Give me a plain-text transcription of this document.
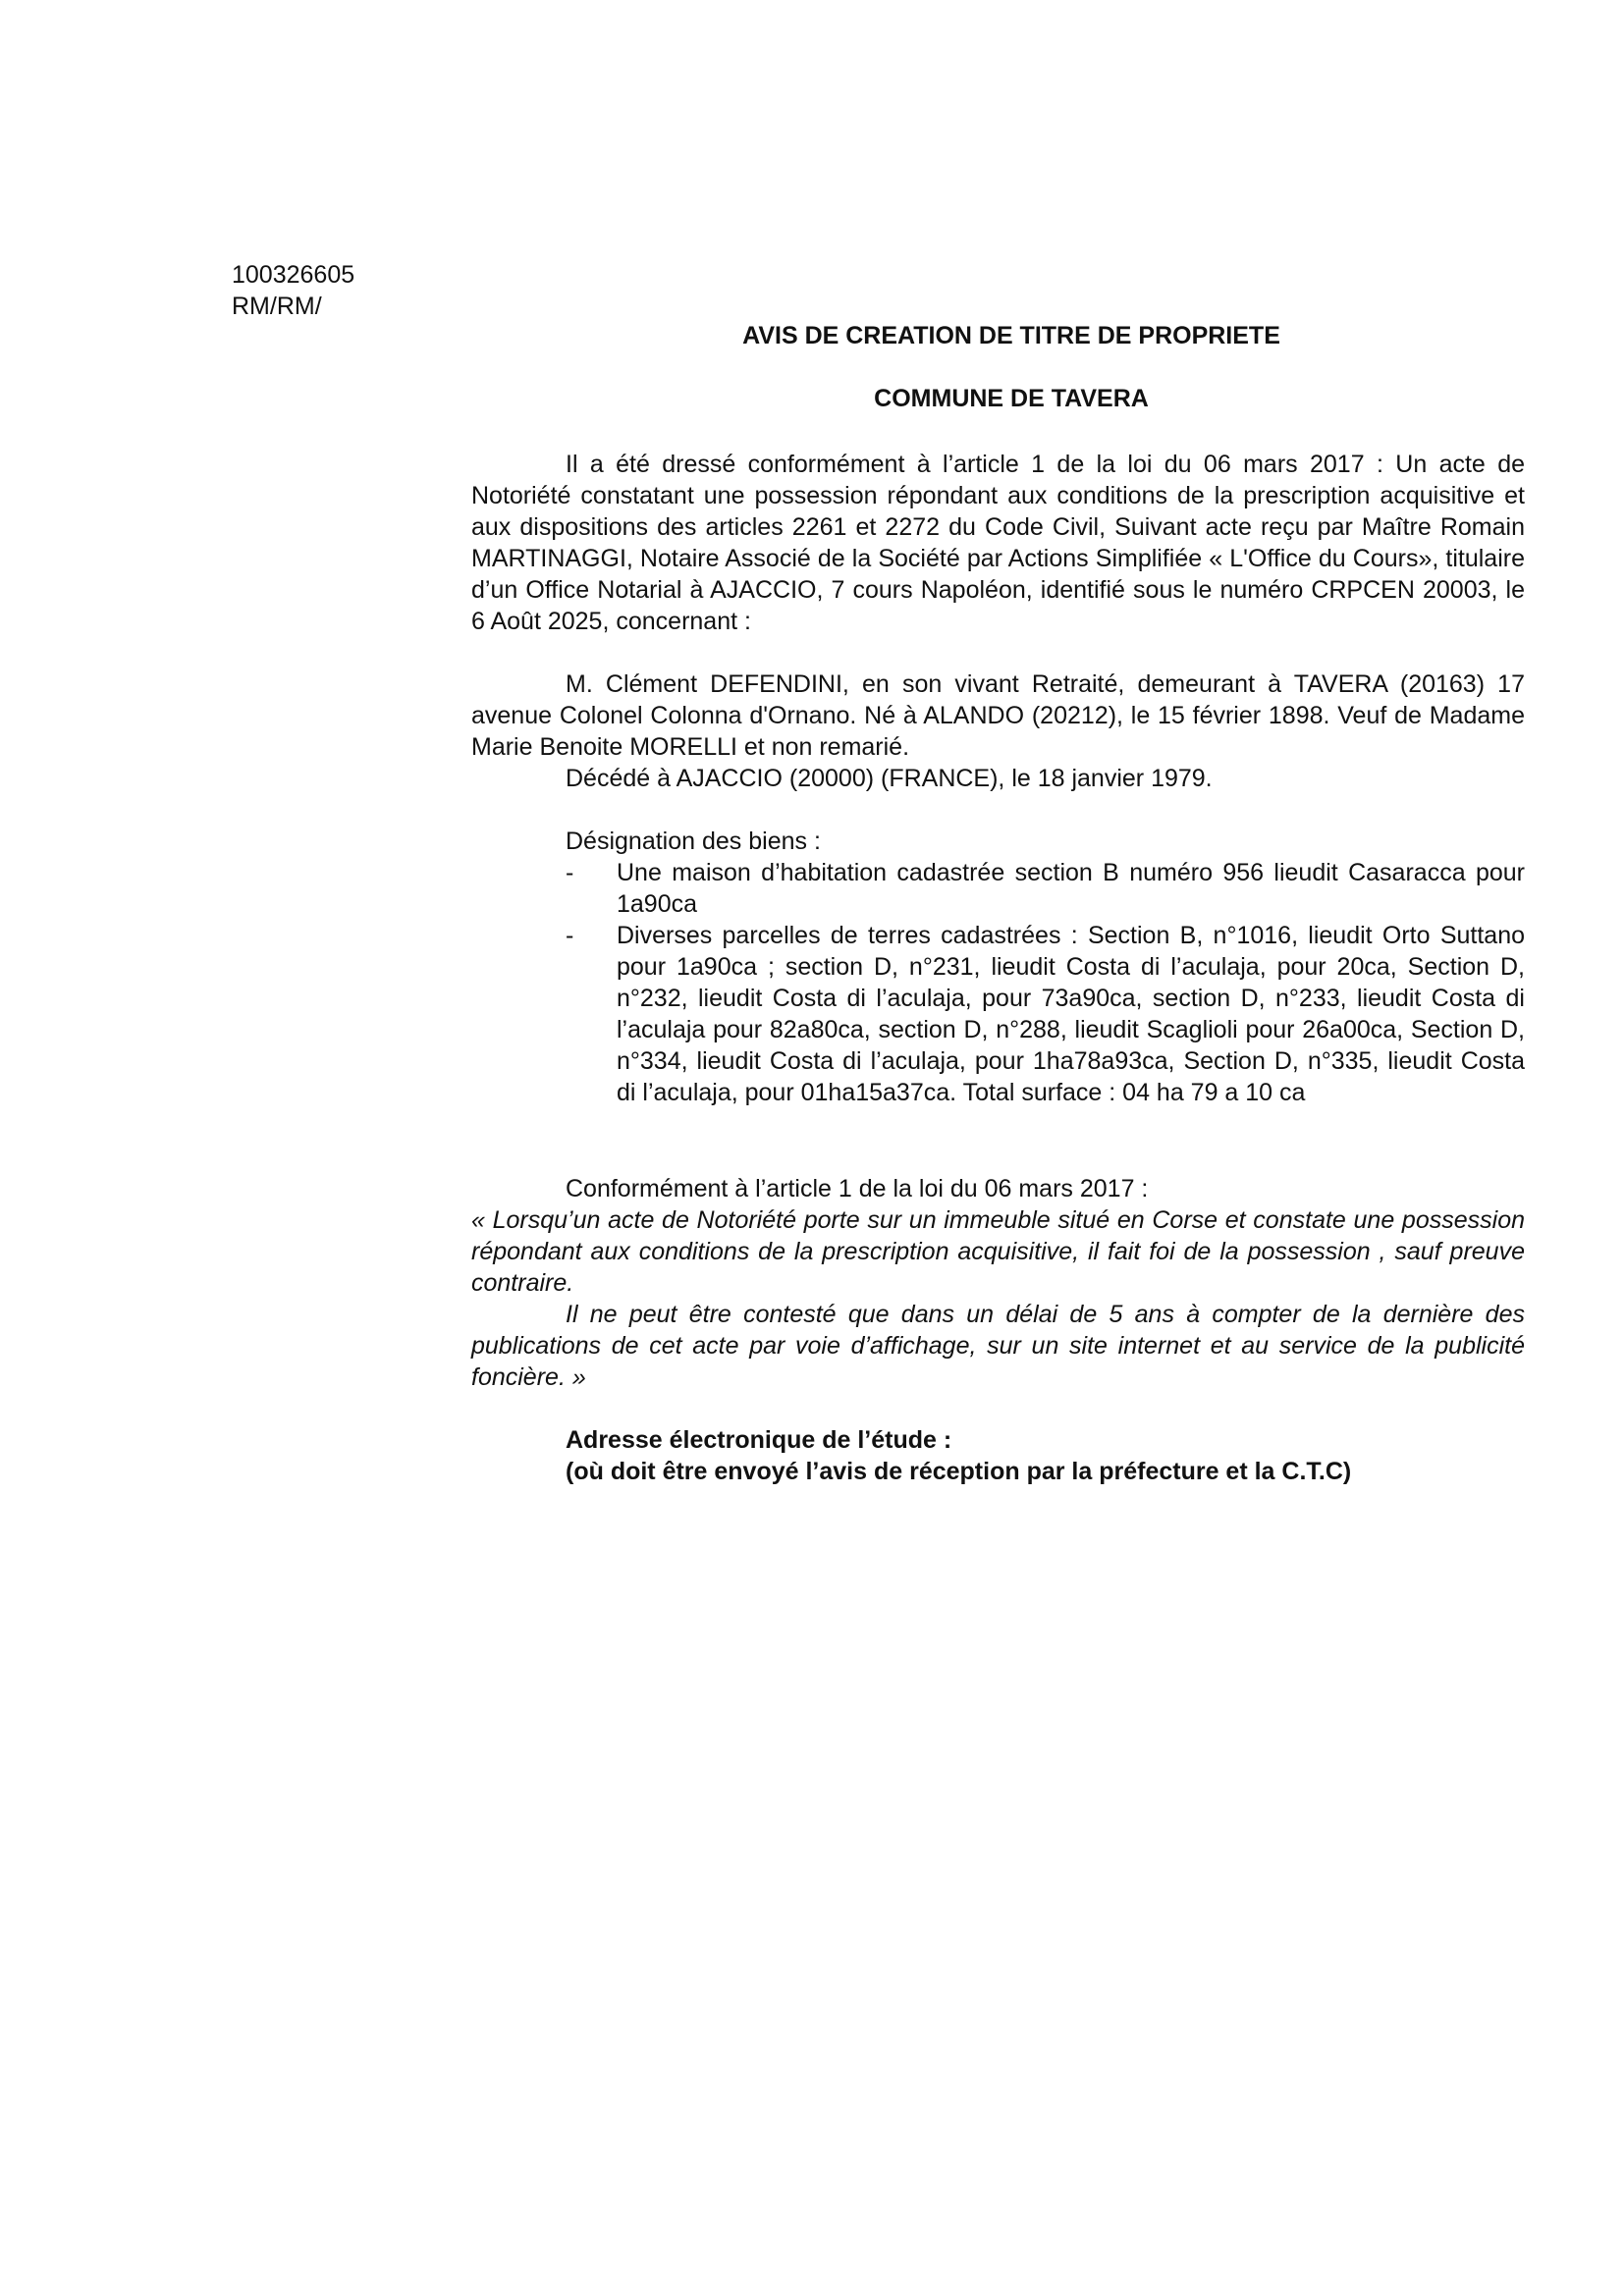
100326605
RM/RM/
AVIS DE CREATION DE TITRE DE PROPRIETE
COMMUNE DE TAVERA

Il a été dressé conformément à l’article 1 de la loi du 06 mars 2017 : Un acte de Notoriété constatant une possession répondant aux conditions de la prescription acquisitive et aux dispositions des articles 2261 et 2272 du Code Civil, Suivant acte reçu par Maître Romain MARTINAGGI, Notaire Associé de la Société par Actions Simplifiée « L'Office du Cours», titulaire d’un Office Notarial à AJACCIO, 7 cours Napoléon, identifié sous le numéro CRPCEN 20003, le 6 Août 2025, concernant :

M. Clément DEFENDINI, en son vivant Retraité, demeurant à TAVERA (20163) 17 avenue Colonel Colonna d'Ornano. Né à ALANDO (20212), le 15 février 1898. Veuf de Madame Marie Benoite MORELLI et non remarié.

Décédé à AJACCIO (20000) (FRANCE), le 18 janvier 1979.

Désignation des biens :

- Une maison d’habitation cadastrée section B numéro 956 lieudit Casaracca pour 1a90ca
- Diverses parcelles de terres cadastrées : Section B, n°1016, lieudit Orto Suttano pour 1a90ca ; section D, n°231, lieudit Costa di l’aculaja, pour 20ca, Section D, n°232, lieudit Costa di l’aculaja, pour 73a90ca, section D, n°233, lieudit Costa di l’aculaja pour 82a80ca, section D, n°288, lieudit Scaglioli pour 26a00ca, Section D, n°334, lieudit Costa di l’aculaja, pour 1ha78a93ca, Section D, n°335, lieudit Costa di l’aculaja, pour 01ha15a37ca. Total surface : 04 ha 79 a 10 ca

Conformément à l’article 1 de la loi du 06 mars 2017 :

« Lorsqu’un acte de Notoriété porte sur un immeuble situé en Corse et constate une possession répondant aux conditions de la prescription acquisitive, il fait foi de la possession , sauf preuve contraire.

Il ne peut être contesté que dans un délai de 5 ans à compter de la dernière des publications de cet acte par voie d’affichage, sur un site internet et au service de la publicité foncière. »

Adresse électronique de l’étude :

(où doit être envoyé l’avis de réception par la préfecture et la C.T.C)
